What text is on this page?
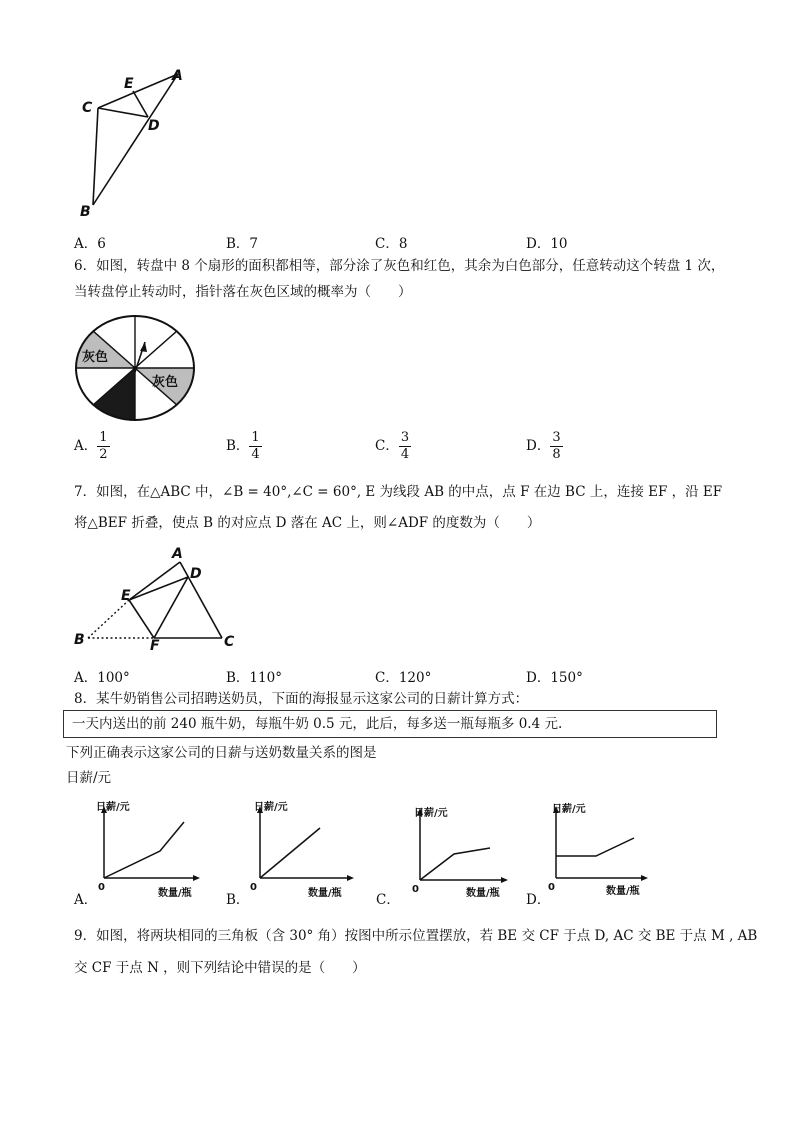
C
E	A
D
B
A．6	B．7	C．8	D．10
6．如图，转盘中 8 个扇形的面积都相等，部分涂了灰色和红色，其余为白色部分，任意转动这个转盘 1 次，
当转盘停止转动时，指针落在灰色区域的概率为（　　）
灰色
灰色
A． $\frac{1}{2}$	B． $\frac{1}{4}$	C． $\frac{3}{4}$	D． $\frac{3}{8}$
7．如图，在△ABC 中，∠B = 40°,∠C = 60°, E 为线段 AB 的中点，点 F 在边 BC 上，连接 EF ，沿 EF
将△BEF 折叠，使点 B 的对应点 D 落在 AC 上，则∠ADF 的度数为（　　）
A
D
E
B	F	C
A．100°	B．110°	C．120°	D．150°
8．某牛奶销售公司招聘送奶员，下面的海报显示这家公司的日薪计算方式：
一天内送出的前 240 瓶牛奶，每瓶牛奶 0.5 元，此后，每多送一瓶每瓶多 0.4 元.
下列正确表示这家公司的日薪与送奶数量关系的图是
日薪/元
日薪/元
数量/瓶
0
A．
日薪/元
数量/瓶
0
B．
日薪/元
数量/瓶
0
C．
日薪/元
数量/瓶
0
D．
9．如图，将两块相同的三角板（含 30° 角）按图中所示位置摆放，若 BE 交 CF 于点 D, AC 交 BE 于点 M , AB
交 CF 于点 N ，则下列结论中错误的是（　　）
